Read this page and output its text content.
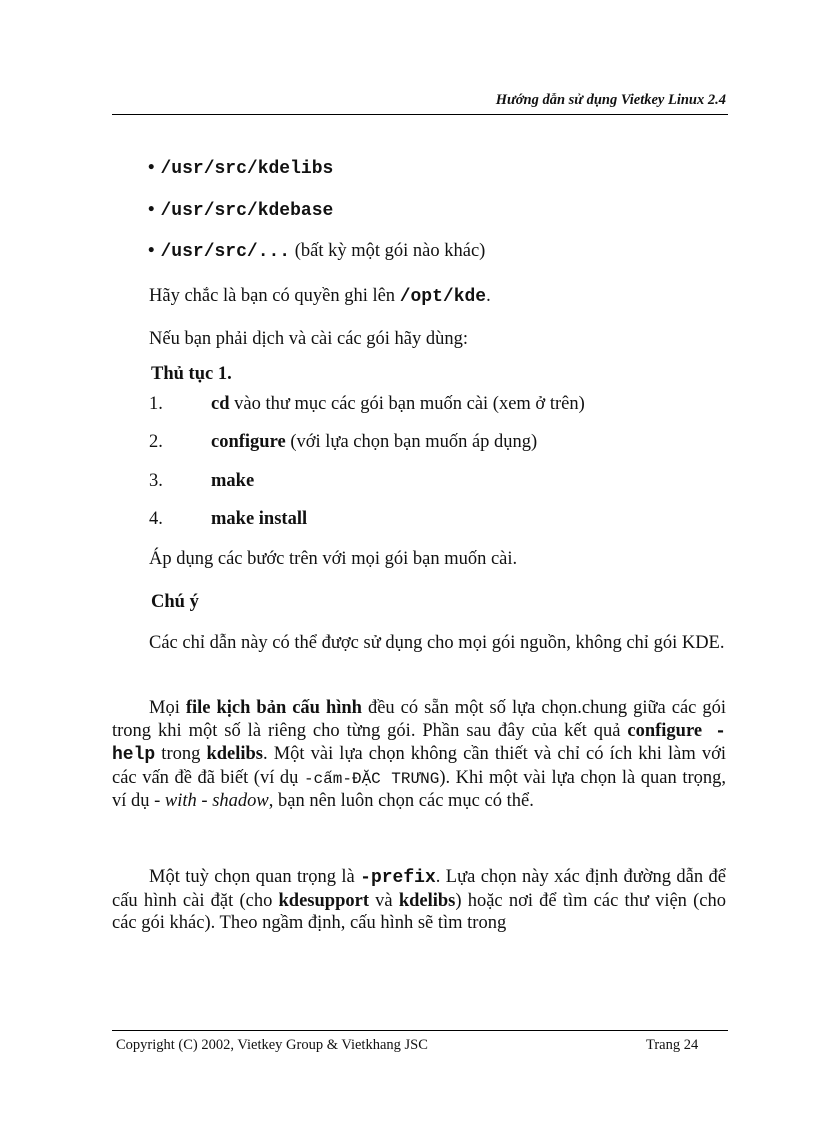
Hướng dẫn sử dụng Vietkey Linux 2.4
• /usr/src/kdelibs
• /usr/src/kdebase
• /usr/src/... (bất kỳ một gói nào khác)
Hãy chắc là bạn có quyền ghi lên /opt/kde.
Nếu bạn phải dịch và cài các gói hãy dùng:
Thủ tục 1.
1.	cd vào thư mục các gói bạn muốn cài (xem ở trên)
2.	configure (với lựa chọn bạn muốn áp dụng)
3.	make
4.	make install
Áp dụng các bước trên với mọi gói bạn muốn cài.
Chú ý
Các chỉ dẫn này có thể được sử dụng cho mọi gói nguồn, không chỉ gói KDE.
Mọi file kịch bản cấu hình đều có sẵn một số lựa chọn.chung giữa các gói trong khi một số là riêng cho từng gói. Phần sau đây của kết quả configure - help trong kdelibs. Một vài lựa chọn không cần thiết và chỉ có ích khi làm với các vấn đề đã biết (ví dụ -cấm-ĐẶC TRƯNG). Khi một vài lựa chọn là quan trọng, ví dụ - with - shadow, bạn nên luôn chọn các mục có thể.
Một tuỳ chọn quan trọng là -prefix. Lựa chọn này xác định đường dẫn để cấu hình cài đặt (cho kdesupport và kdelibs) hoặc nơi để tìm các thư viện (cho các gói khác). Theo ngầm định, cấu hình sẽ tìm trong
Copyright (C) 2002, Vietkey Group & Vietkhang JSC	Trang 24
